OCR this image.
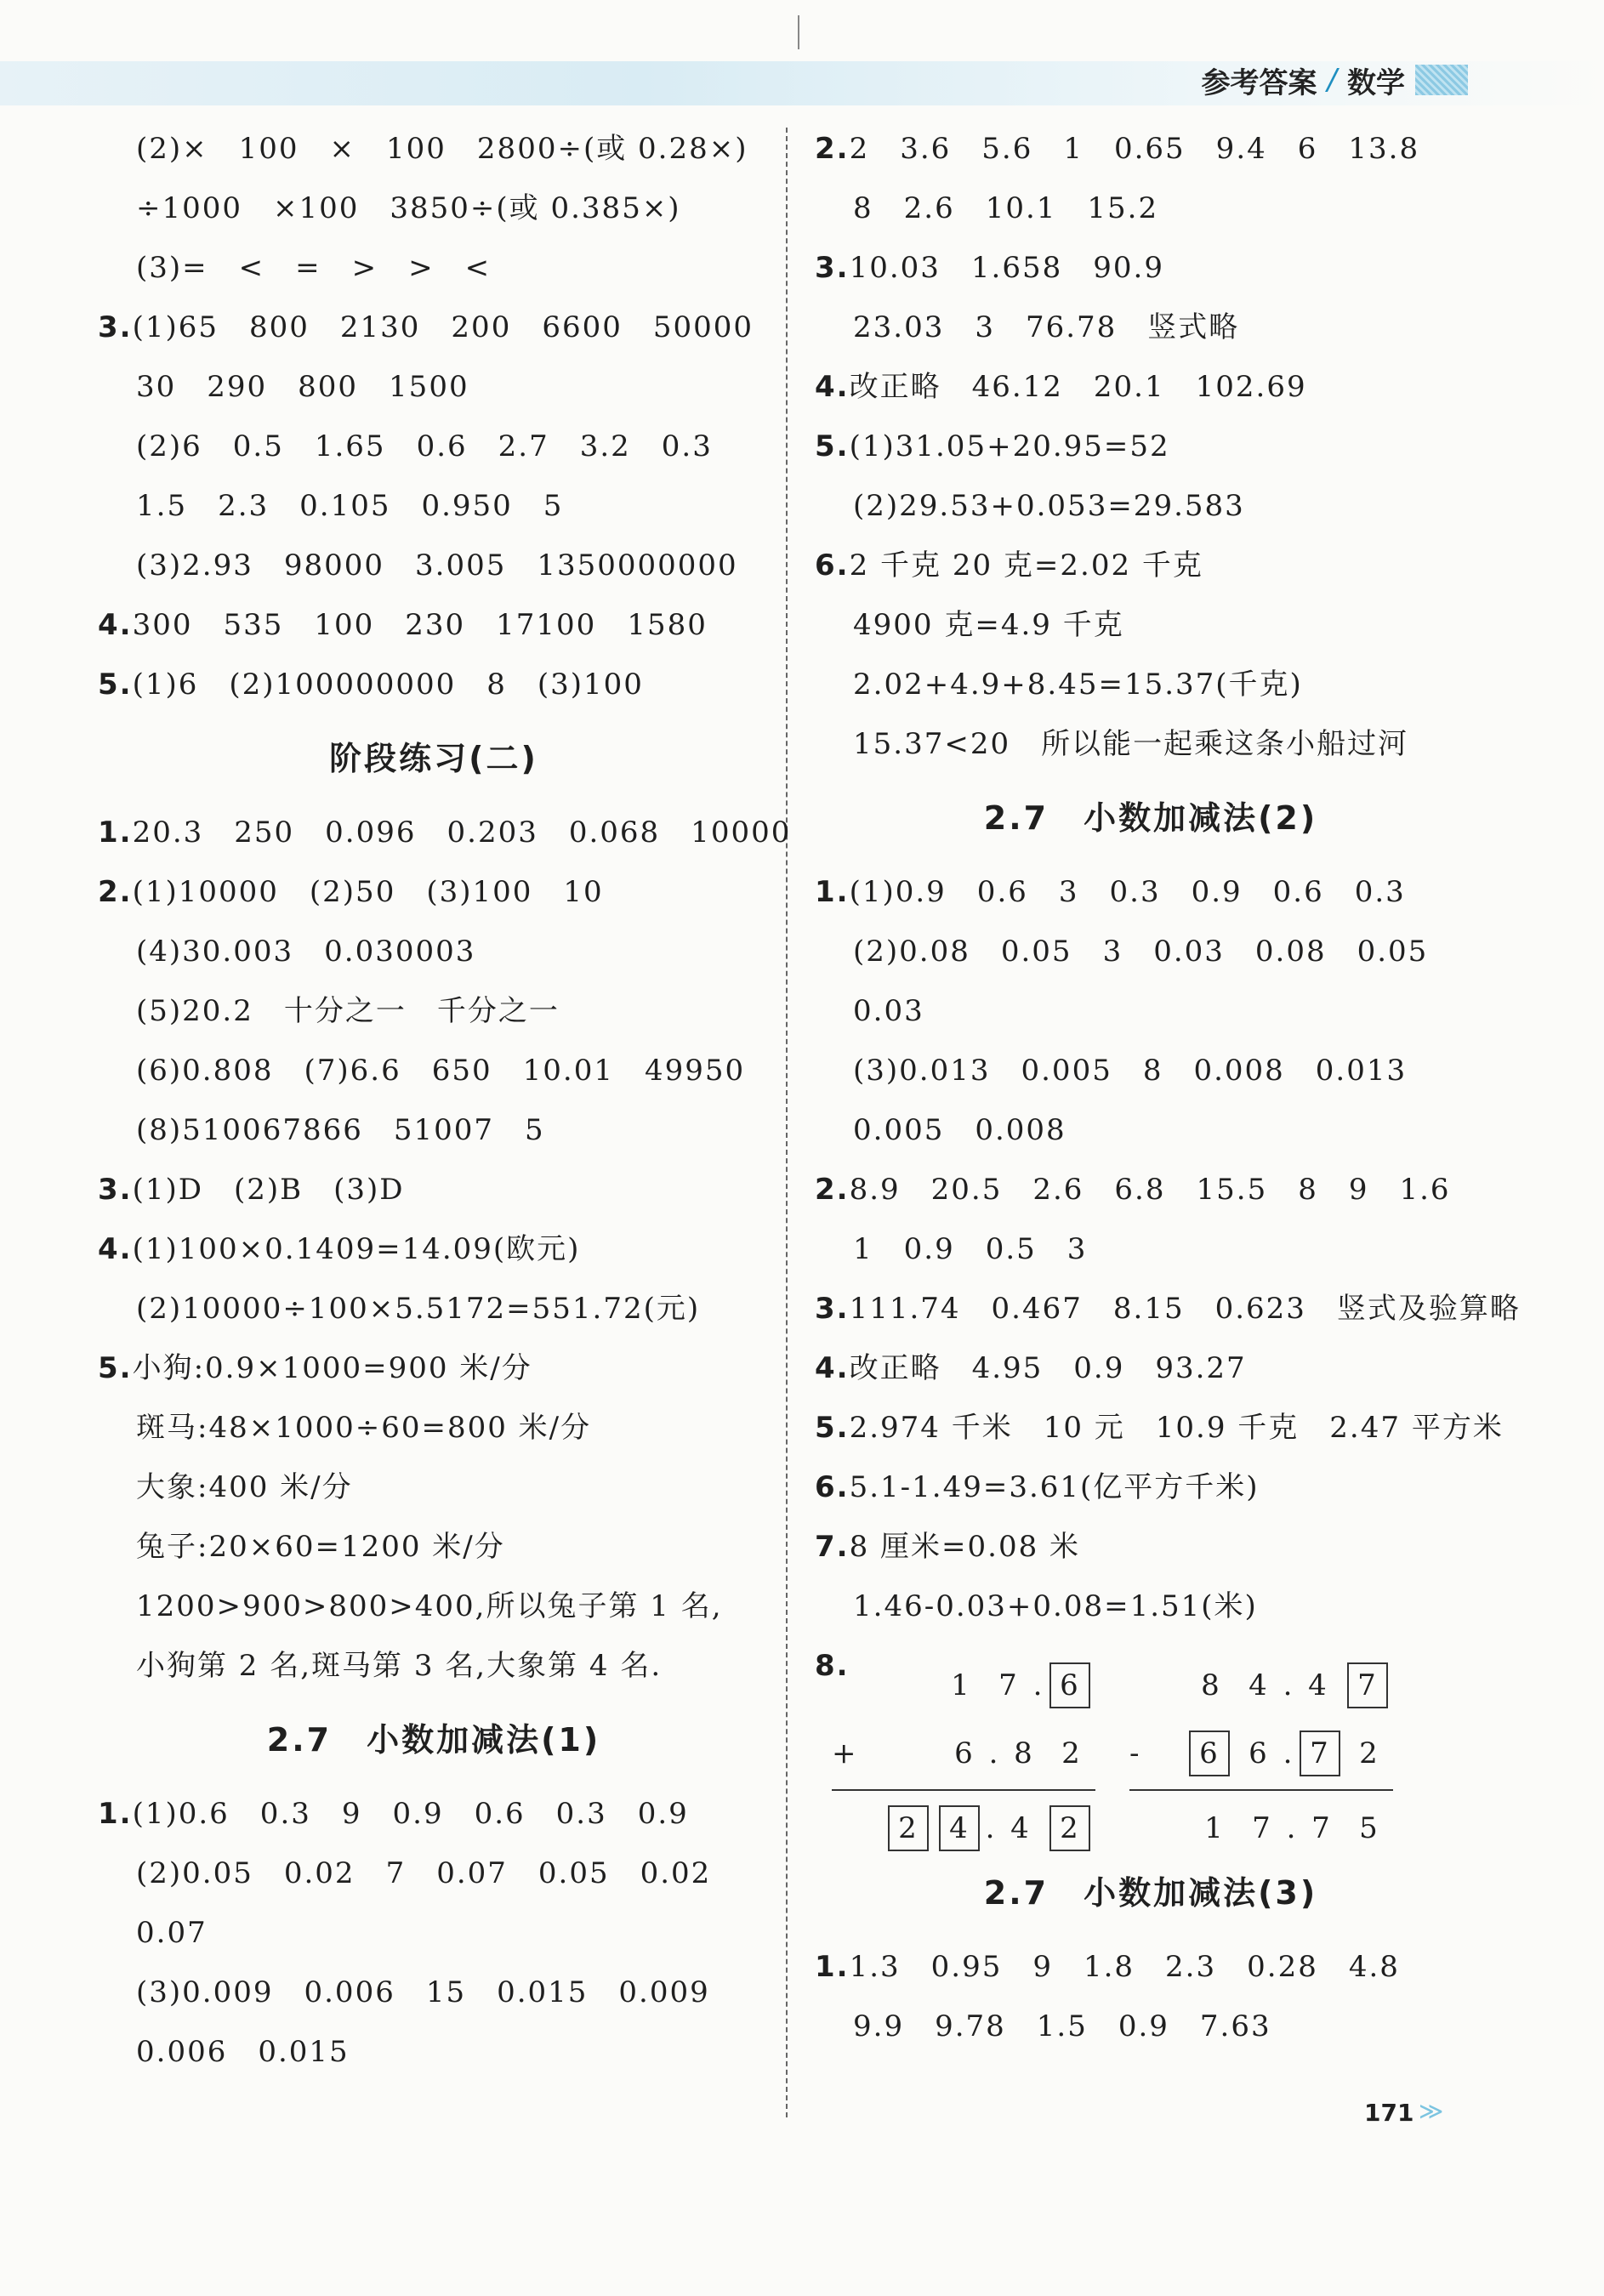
参考答案 / 数学
(2)×　100　×　100　2800÷(或 0.28×)
÷1000　×100　3850÷(或 0.385×)
(3)=　<　=　>　>　<
3.(1)65　800　2130　200　6600　50000
30　290　800　1500
(2)6　0.5　1.65　0.6　2.7　3.2　0.3
1.5　2.3　0.105　0.950　5
(3)2.93　98000　3.005　1350000000
4.300　535　100　230　17100　1580
5.(1)6　(2)100000000　8　(3)100
阶段练习(二)
1.20.3　250　0.096　0.203　0.068　10000
2.(1)10000　(2)50　(3)100　10
(4)30.003　0.030003
(5)20.2　十分之一　千分之一
(6)0.808　(7)6.6　650　10.01　49950
(8)510067866　51007　5
3.(1)D　(2)B　(3)D
4.(1)100×0.1409=14.09(欧元)
(2)10000÷100×5.5172=551.72(元)
5.小狗:0.9×1000=900 米/分
斑马:48×1000÷60=800 米/分
大象:400 米/分
兔子:20×60=1200 米/分
1200>900>800>400,所以兔子第 1 名,
小狗第 2 名,斑马第 3 名,大象第 4 名.
2.7　小数加减法(1)
1.(1)0.6　0.3　9　0.9　0.6　0.3　0.9
(2)0.05　0.02　7　0.07　0.05　0.02
0.07
(3)0.009　0.006　15　0.015　0.009
0.006　0.015
2.2　3.6　5.6　1　0.65　9.4　6　13.8
8　2.6　10.1　15.2
3.10.03　1.658　90.9
23.03　3　76.78　竖式略
4.改正略　46.12　20.1　102.69
5.(1)31.05+20.95=52
(2)29.53+0.053=29.583
6.2 千克 20 克=2.02 千克
4900 克=4.9 千克
2.02+4.9+8.45=15.37(千克)
15.37<20　所以能一起乘这条小船过河
2.7　小数加减法(2)
1.(1)0.9　0.6　3　0.3　0.9　0.6　0.3
(2)0.08　0.05　3　0.03　0.08　0.05
0.03
(3)0.013　0.005　8　0.008　0.013
0.005　0.008
2.8.9　20.5　2.6　6.8　15.5　8　9　1.6
1　0.9　0.5　3
3.111.74　0.467　8.15　0.623　竖式及验算略
4.改正略　4.95　0.9　93.27
5.2.974 千米　10 元　10.9 千克　2.47 平方米
6.5.1-1.49=3.61(亿平方千米)
7.8 厘米=0.08 米
1.46-0.03+0.08=1.51(米)
8.
1 7 . 6
+	6 . 8 2
2	4 . 4	2
8 4 . 4	7
-	6	6 . 7	2
1 7 . 7 5
2.7　小数加减法(3)
1.1.3　0.95　9　1.8　2.3　0.28　4.8
9.9　9.78　1.5　0.9　7.63
171 ≫
